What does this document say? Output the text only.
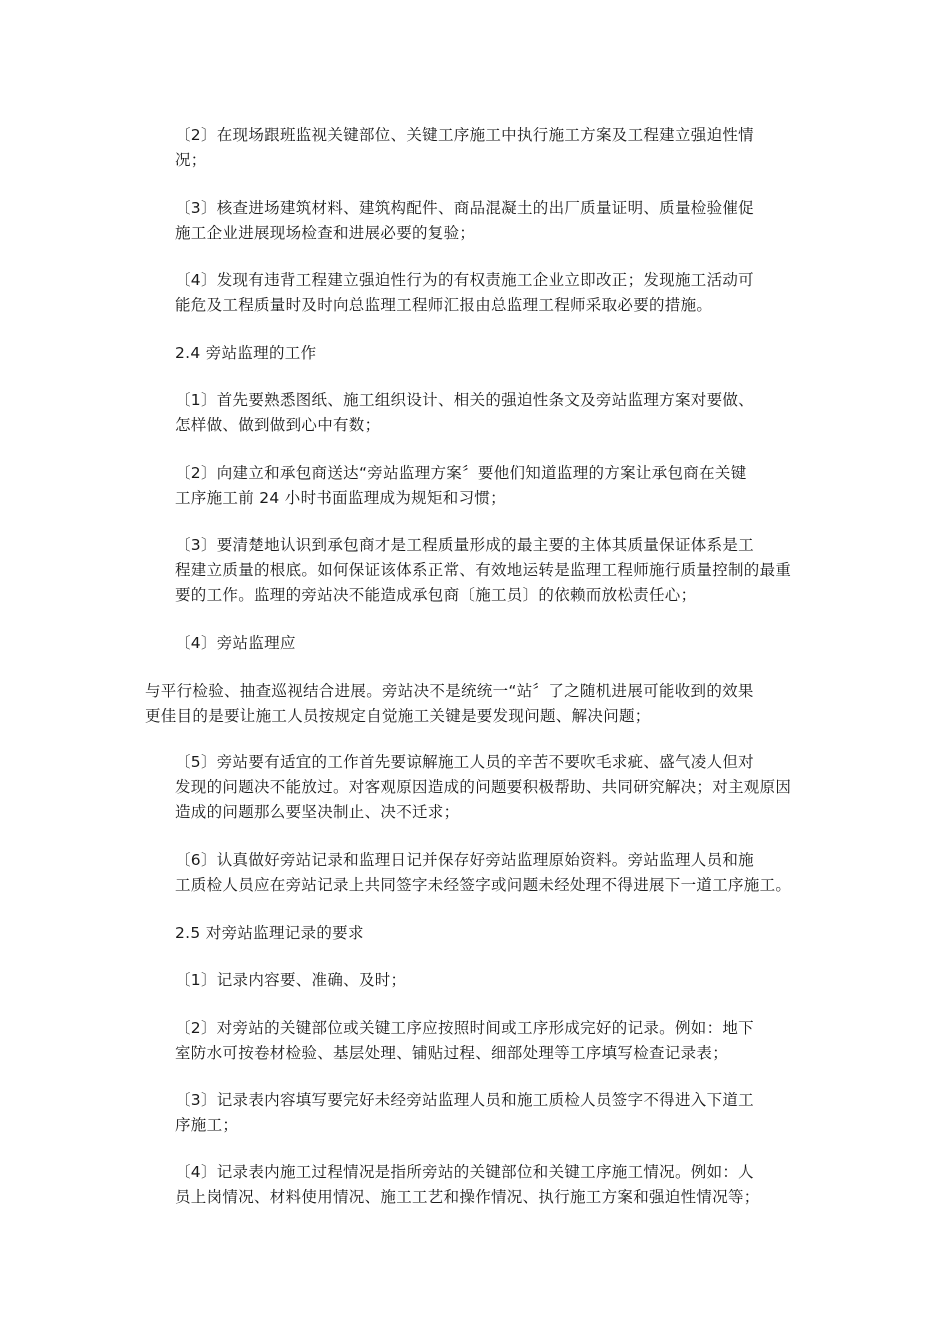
〔2〕在现场跟班监视关键部位、关键工序施工中执行施工方案及工程建立强迫性情
况；

〔3〕核查进场建筑材料、建筑构配件、商品混凝土的出厂质量证明、质量检验催促
施工企业进展现场检查和进展必要的复验；

〔4〕发现有违背工程建立强迫性行为的有权责施工企业立即改正；发现施工活动可
能危及工程质量时及时向总监理工程师汇报由总监理工程师采取必要的措施。

2.4 旁站监理的工作

〔1〕首先要熟悉图纸、施工组织设计、相关的强迫性条文及旁站监理方案对要做、
怎样做、做到做到心中有数；

〔2〕向建立和承包商送达“旁站监理方案〞要他们知道监理的方案让承包商在关键
工序施工前 24 小时书面监理成为规矩和习惯；

〔3〕要清楚地认识到承包商才是工程质量形成的最主要的主体其质量保证体系是工
程建立质量的根底。如何保证该体系正常、有效地运转是监理工程师施行质量控制的最重
要的工作。监理的旁站决不能造成承包商〔施工员〕的依赖而放松责任心；

〔4〕旁站监理应

与平行检验、抽查巡视结合进展。旁站决不是统统一“站〞了之随机进展可能收到的效果
更佳目的是要让施工人员按规定自觉施工关键是要发现问题、解决问题；

〔5〕旁站要有适宜的工作首先要谅解施工人员的辛苦不要吹毛求疵、盛气凌人但对
发现的问题决不能放过。对客观原因造成的问题要积极帮助、共同研究解决；对主观原因
造成的问题那么要坚决制止、决不迁求；

〔6〕认真做好旁站记录和监理日记并保存好旁站监理原始资料。旁站监理人员和施
工质检人员应在旁站记录上共同签字未经签字或问题未经处理不得进展下一道工序施工。

2.5 对旁站监理记录的要求

〔1〕记录内容要、准确、及时；

〔2〕对旁站的关键部位或关键工序应按照时间或工序形成完好的记录。例如：地下
室防水可按卷材检验、基层处理、铺贴过程、细部处理等工序填写检查记录表；

〔3〕记录表内容填写要完好未经旁站监理人员和施工质检人员签字不得进入下道工
序施工；

〔4〕记录表内施工过程情况是指所旁站的关键部位和关键工序施工情况。例如：人
员上岗情况、材料使用情况、施工工艺和操作情况、执行施工方案和强迫性情况等；
